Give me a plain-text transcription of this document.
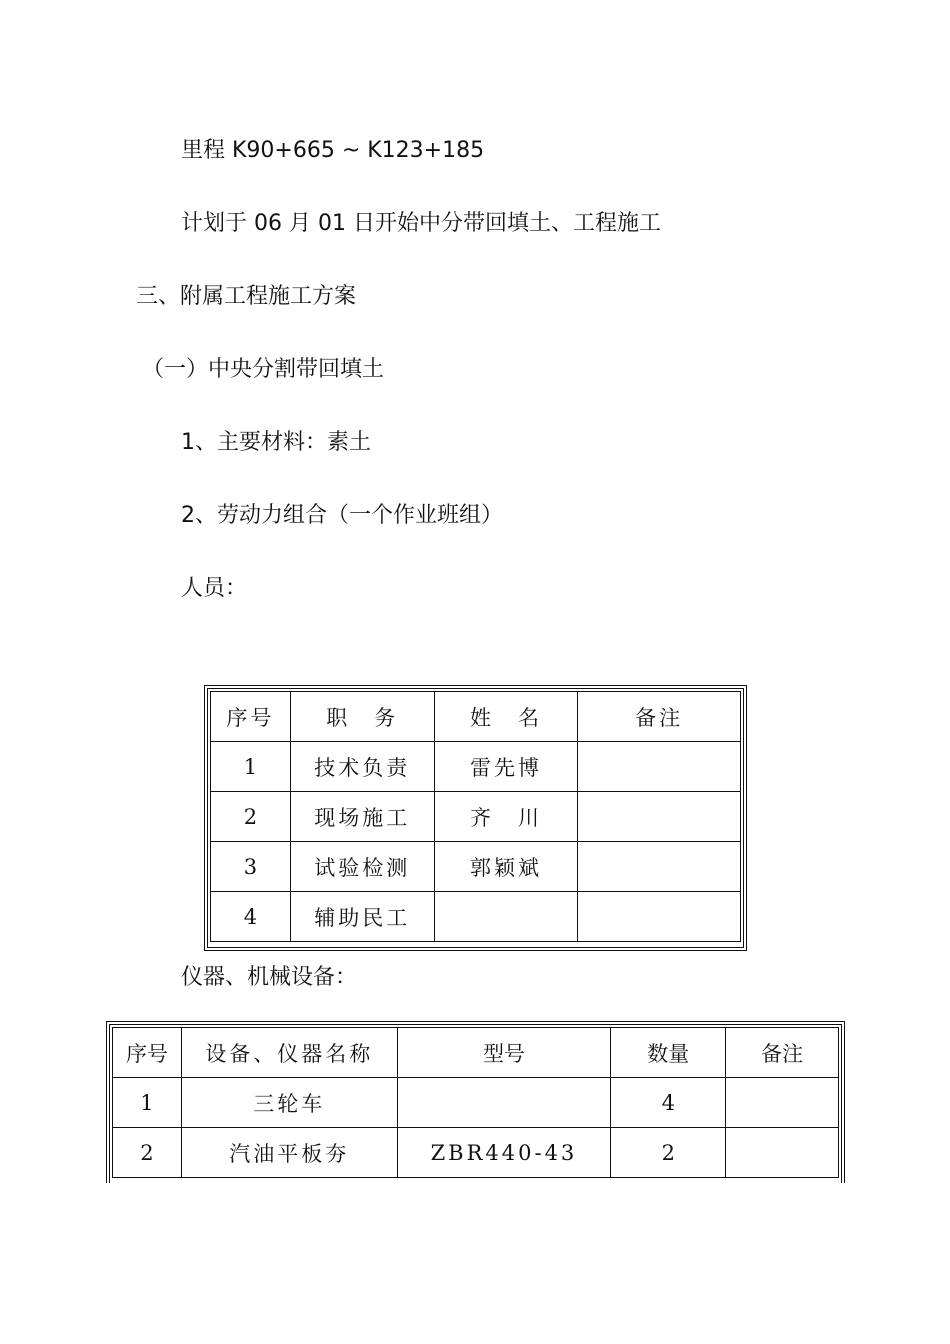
里程 K90+665 ~ K123+185
计划于 06 月 01 日开始中分带回填土、工程施工
三、附属工程施工方案
（一）中央分割带回填土
1、主要材料：素土
2、劳动力组合（一个作业班组）
人员：
序号	职　务	姓　名	备注
1	技术负责	雷先博	
2	现场施工	齐　川	
3	试验检测	郭颖斌	
4	辅助民工		
仪器、机械设备：
序号	设备、仪器名称	型号	数量	备注
1	三轮车		4	
2	汽油平板夯	ZBR440-43	2	
